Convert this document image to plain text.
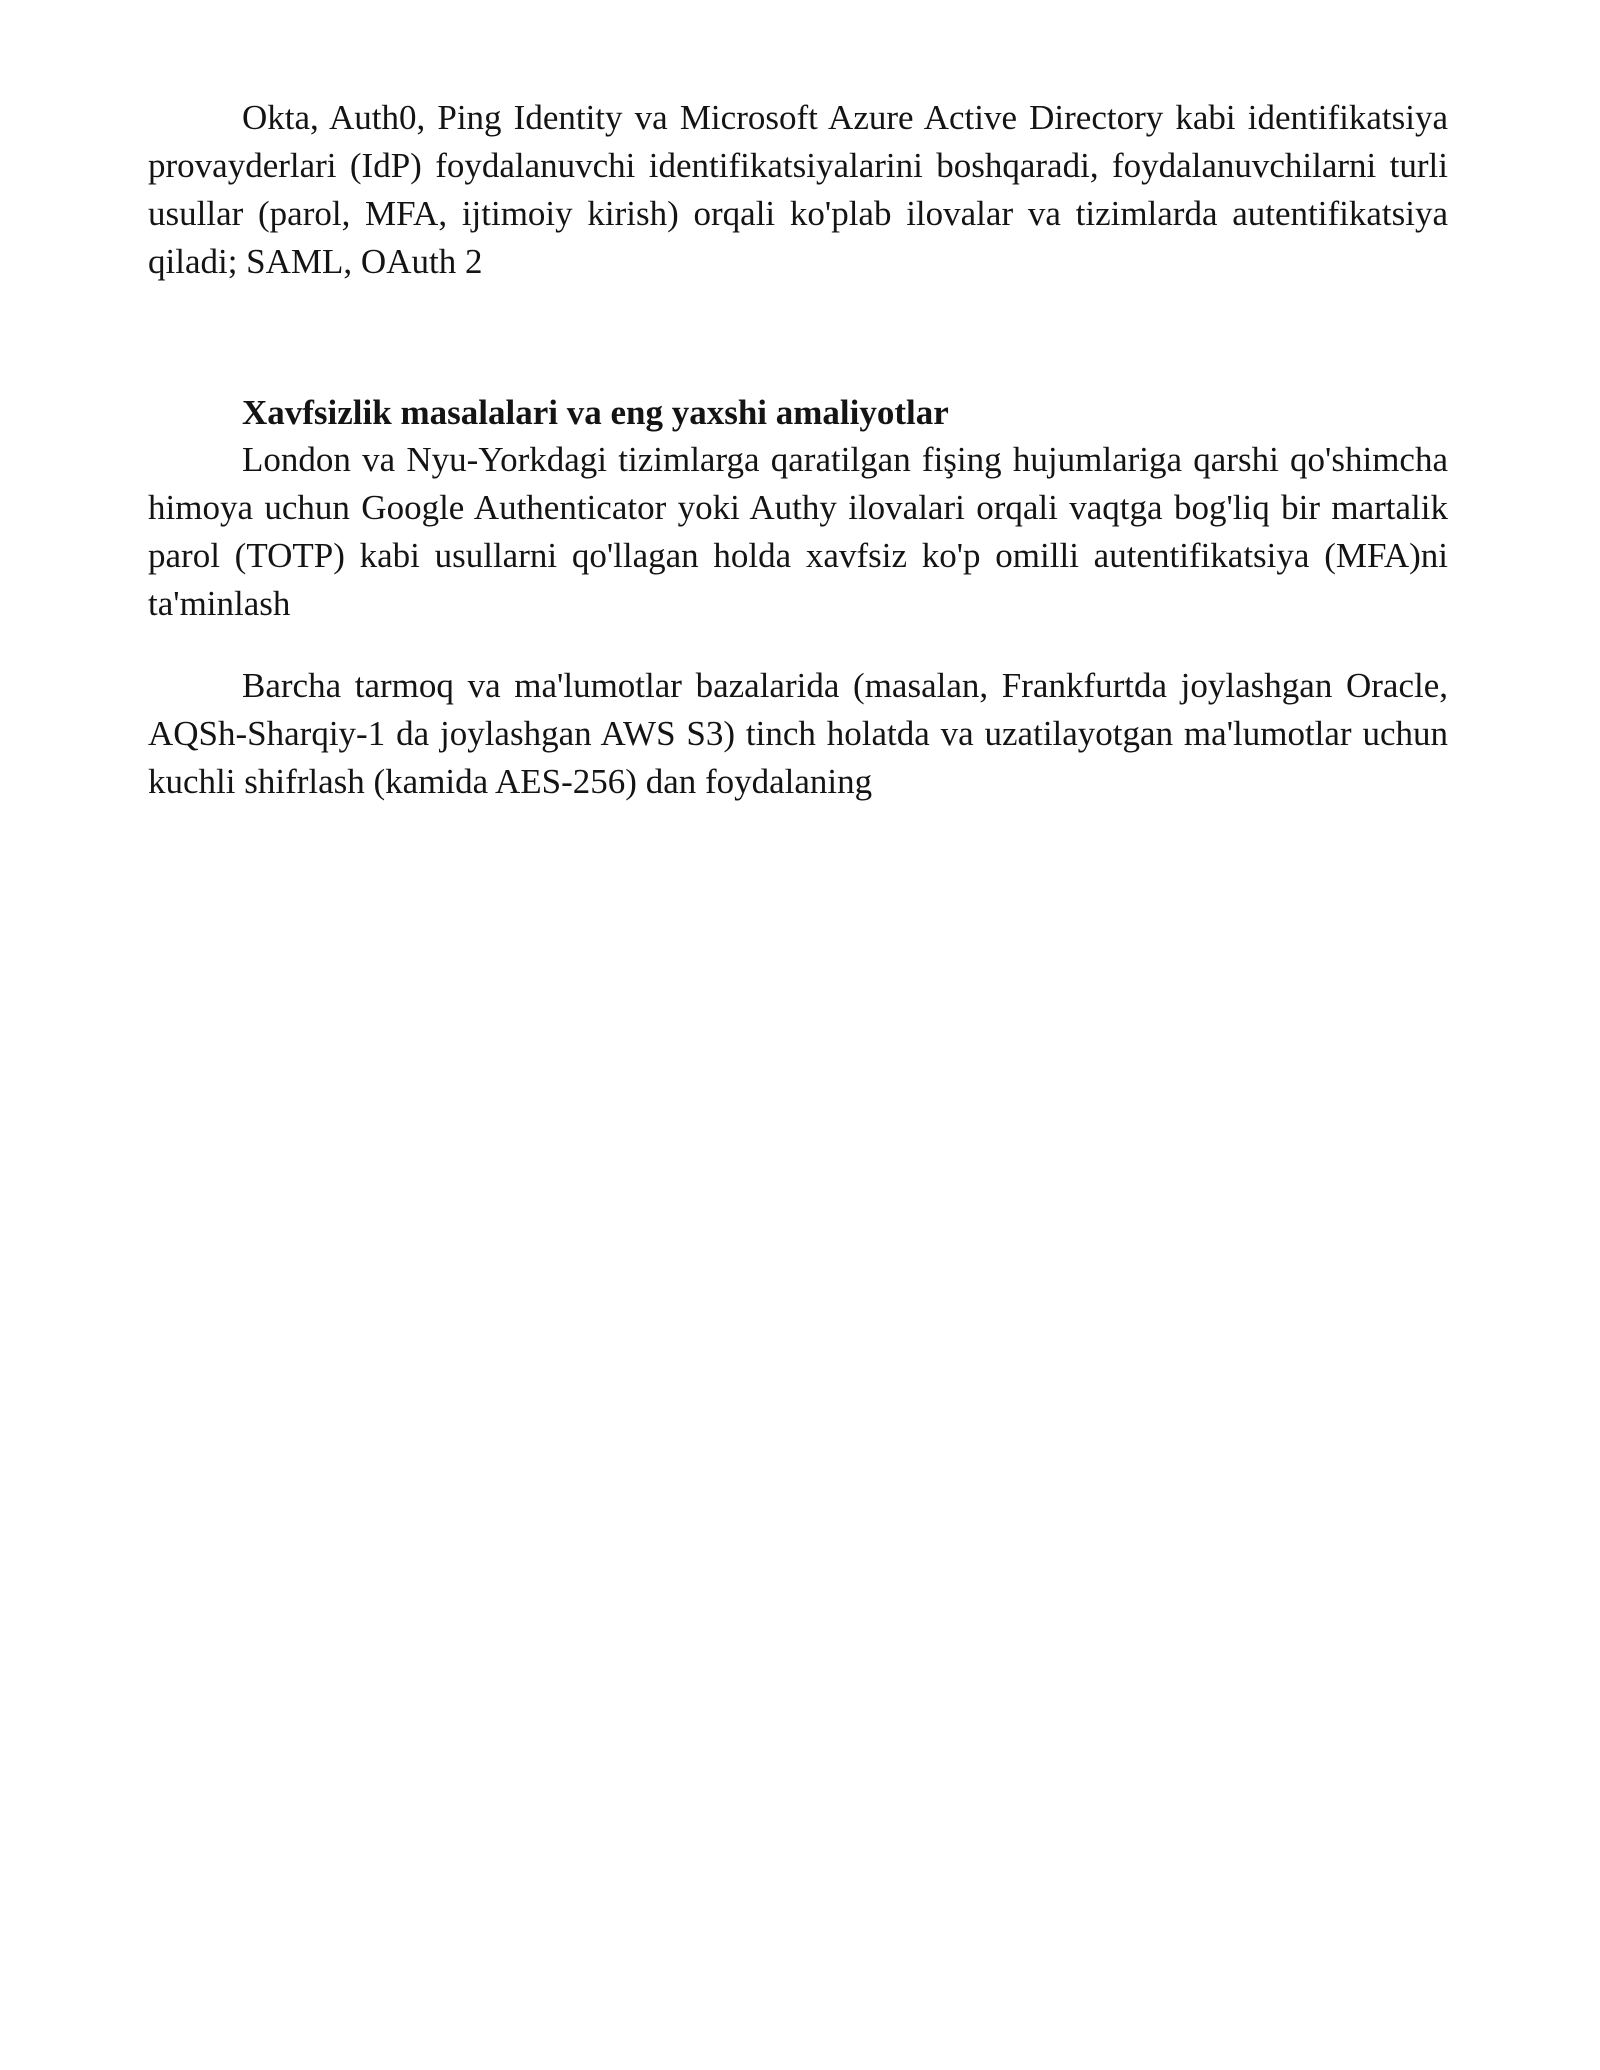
Okta, Auth0, Ping Identity va Microsoft Azure Active Directory kabi identifikatsiya provayderlari (IdP) foydalanuvchi identifikatsiyalarini boshqaradi, foydalanuvchilarni turli usullar (parol, MFA, ijtimoiy kirish) orqali ko'plab ilovalar va tizimlarda autentifikatsiya qiladi; SAML, OAuth 2

Xavfsizlik masalalari va eng yaxshi amaliyotlar

London va Nyu-Yorkdagi tizimlarga qaratilgan fişing hujumlariga qarshi qo'shimcha himoya uchun Google Authenticator yoki Authy ilovalari orqali vaqtga bog'liq bir martalik parol (TOTP) kabi usullarni qo'llagan holda xavfsiz ko'p omilli autentifikatsiya (MFA)ni ta'minlash

Barcha tarmoq va ma'lumotlar bazalarida (masalan, Frankfurtda joylashgan Oracle, AQSh-Sharqiy-1 da joylashgan AWS S3) tinch holatda va uzatilayotgan ma'lumotlar uchun kuchli shifrlash (kamida AES-256) dan foydalaning
